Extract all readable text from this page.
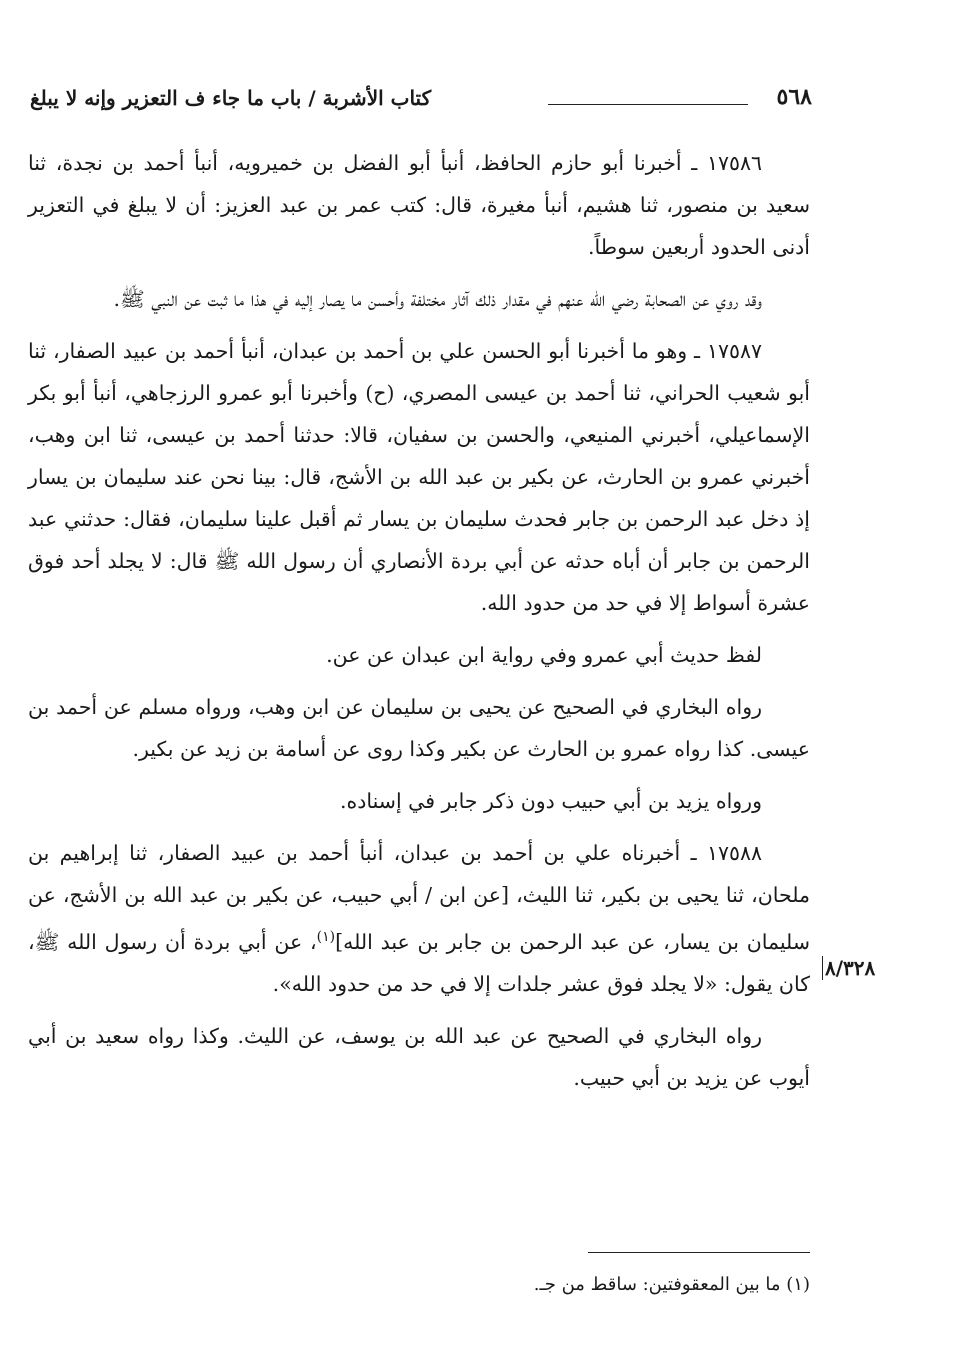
٥٦٨
كتاب الأشربة / باب ما جاء ف التعزير وإنه لا يبلغ

١٧٥٨٦ ـ أخبرنا أبو حازم الحافظ، أنبأ أبو الفضل بن خميرويه، أنبأ أحمد بن نجدة، ثنا سعيد بن منصور، ثنا هشيم، أنبأ مغيرة، قال: كتب عمر بن عبد العزيز: أن لا يبلغ في التعزير أدنى الحدود أربعين سوطاً.

وقد روي عن الصحابة رضي الله عنهم في مقدار ذلك آثار مختلفة وأحسن ما يصار إليه في هذا ما ثبت عن النبي ﷺ.

١٧٥٨٧ ـ وهو ما أخبرنا أبو الحسن علي بن أحمد بن عبدان، أنبأ أحمد بن عبيد الصفار، ثنا أبو شعيب الحراني، ثنا أحمد بن عيسى المصري، (ح) وأخبرنا أبو عمرو الرزجاهي، أنبأ أبو بكر الإسماعيلي، أخبرني المنيعي، والحسن بن سفيان، قالا: حدثنا أحمد بن عيسى، ثنا ابن وهب، أخبرني عمرو بن الحارث، عن بكير بن عبد الله بن الأشج، قال: بينا نحن عند سليمان بن يسار إذ دخل عبد الرحمن بن جابر فحدث سليمان بن يسار ثم أقبل علينا سليمان، فقال: حدثني عبد الرحمن بن جابر أن أباه حدثه عن أبي بردة الأنصاري أن رسول الله ﷺ قال: لا يجلد أحد فوق عشرة أسواط إلا في حد من حدود الله.

لفظ حديث أبي عمرو وفي رواية ابن عبدان عن عن.

رواه البخاري في الصحيح عن يحيى بن سليمان عن ابن وهب، ورواه مسلم عن أحمد بن عيسى. كذا رواه عمرو بن الحارث عن بكير وكذا روى عن أسامة بن زيد عن بكير.

ورواه يزيد بن أبي حبيب دون ذكر جابر في إسناده.

١٧٥٨٨ ـ أخبرناه علي بن أحمد بن عبدان، أنبأ أحمد بن عبيد الصفار، ثنا إبراهيم بن ملحان، ثنا يحيى بن بكير، ثنا الليث، [عن ابن / أبي حبيب، عن بكير بن عبد الله بن الأشج، عن سليمان بن يسار، عن عبد الرحمن بن جابر بن عبد الله]$^{(١)}$، عن أبي بردة أن رسول الله ﷺ، كان يقول: «لا يجلد فوق عشر جلدات إلا في حد من حدود الله».

رواه البخاري في الصحيح عن عبد الله بن يوسف، عن الليث. وكذا رواه سعيد بن أبي أيوب عن يزيد بن أبي حبيب.

٨/٣٢٨
(١) ما بين المعقوفتين: ساقط من جـ.
